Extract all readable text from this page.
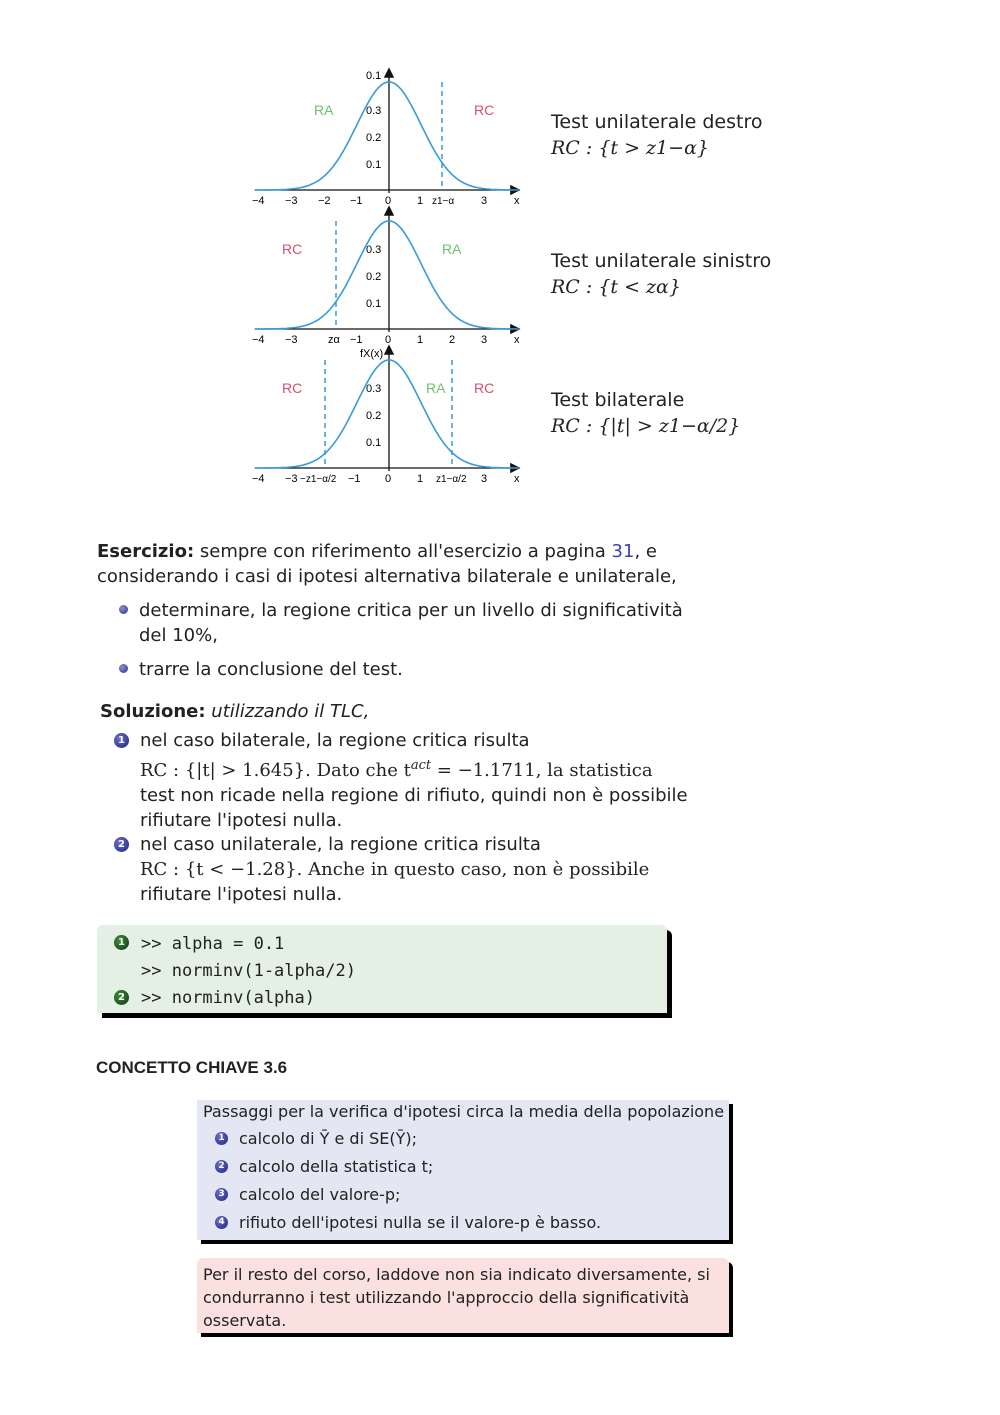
RA	RC
0.1
0.3
0.2
0.1
−4 −3 −2 −1 0 1 z1−α 3 x
RC	RA
0.3
0.2
0.1
−4 −3	zα −1 0 1 2 3 x
fX(x)
RC	RA RC
0.3
0.2
0.1
−4 −3 −z1−α/2 −1 0 1 z1−α/2 3 x
Test unilaterale destro
RC : {t > z1−α}
Test unilaterale sinistro
RC : {t < zα}
Test bilaterale
RC : {|t| > z1−α/2}
Esercizio: sempre con riferimento all'esercizio a pagina 31, e
considerando i casi di ipotesi alternativa bilaterale e unilaterale,
determinare, la regione critica per un livello di significatività
del 10%,
trarre la conclusione del test.
Soluzione: utilizzando il TLC,
1 nel caso bilaterale, la regione critica risulta
RC : {|t| > 1.645}. Dato che $t^{act} = -1.1711$, la statistica
test non ricade nella regione di rifiuto, quindi non è possibile
rifiutare l'ipotesi nulla.
2 nel caso unilaterale, la regione critica risulta
RC : {t < −1.28}. Anche in questo caso, non è possibile
rifiutare l'ipotesi nulla.
1
2
>> alpha = 0.1
>> norminv(1-alpha/2)
>> norminv(alpha)
CONCETTO CHIAVE 3.6
Passaggi per la verifica d'ipotesi circa la media della popolazione
1 calcolo di Ȳ e di SE(Ȳ);
2 calcolo della statistica t;
3 calcolo del valore-p;
4 rifiuto dell'ipotesi nulla se il valore-p è basso.
Per il resto del corso, laddove non sia indicato diversamente, si
condurranno i test utilizzando l'approccio della significatività
osservata.
